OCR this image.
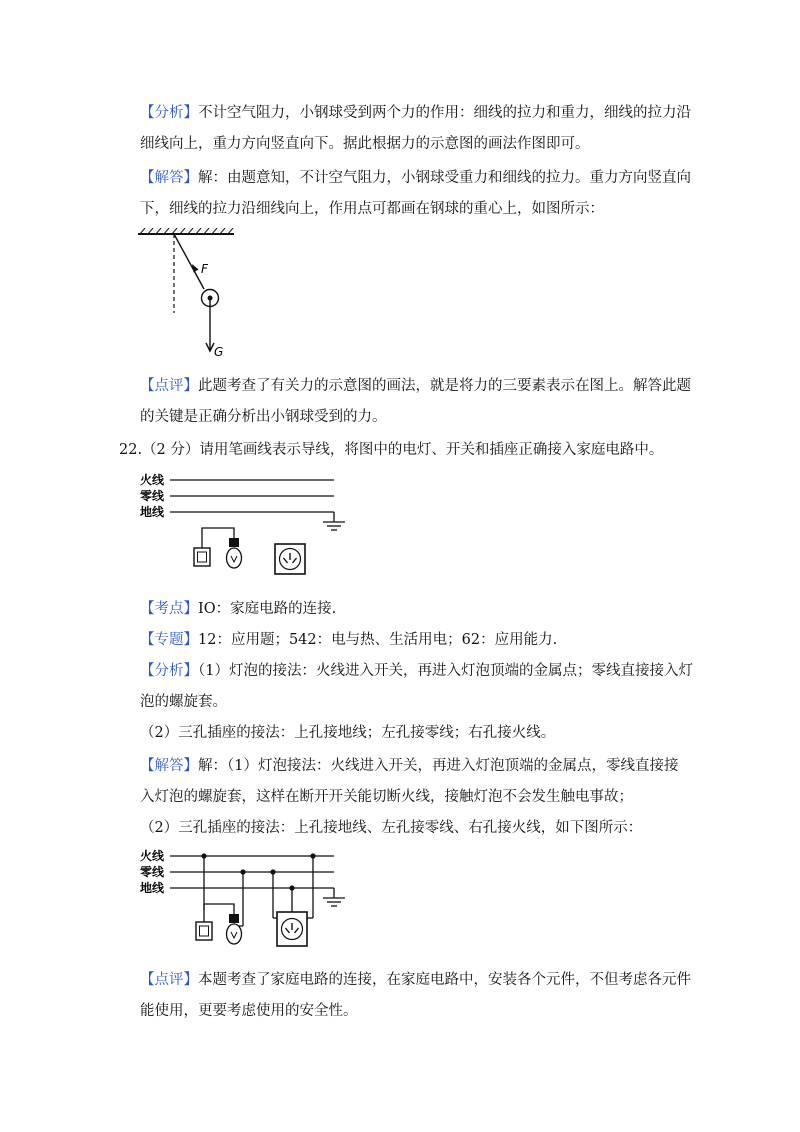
【分析】不计空气阻力，小钢球受到两个力的作用：细线的拉力和重力，细线的拉力沿
细线向上，重力方向竖直向下。据此根据力的示意图的画法作图即可。
【解答】解：由题意知，不计空气阻力，小钢球受重力和细线的拉力。重力方向竖直向
下，细线的拉力沿细线向上，作用点可都画在钢球的重心上，如图所示：
F
G
【点评】此题考查了有关力的示意图的画法，就是将力的三要素表示在图上。解答此题
的关键是正确分析出小钢球受到的力。
22.（2 分）请用笔画线表示导线，将图中的电灯、开关和插座正确接入家庭电路中。
火线
零线
地线
【考点】IO：家庭电路的连接.
【专题】12：应用题；542：电与热、生活用电；62：应用能力.
【分析】（1）灯泡的接法：火线进入开关，再进入灯泡顶端的金属点；零线直接接入灯
泡的螺旋套。
（2）三孔插座的接法：上孔接地线；左孔接零线；右孔接火线。
【解答】解：（1）灯泡接法：火线进入开关，再进入灯泡顶端的金属点，零线直接接
入灯泡的螺旋套，这样在断开开关能切断火线，接触灯泡不会发生触电事故；
（2）三孔插座的接法：上孔接地线、左孔接零线、右孔接火线，如下图所示：
火线
零线
地线
【点评】本题考查了家庭电路的连接，在家庭电路中，安装各个元件，不但考虑各元件
能使用，更要考虑使用的安全性。
